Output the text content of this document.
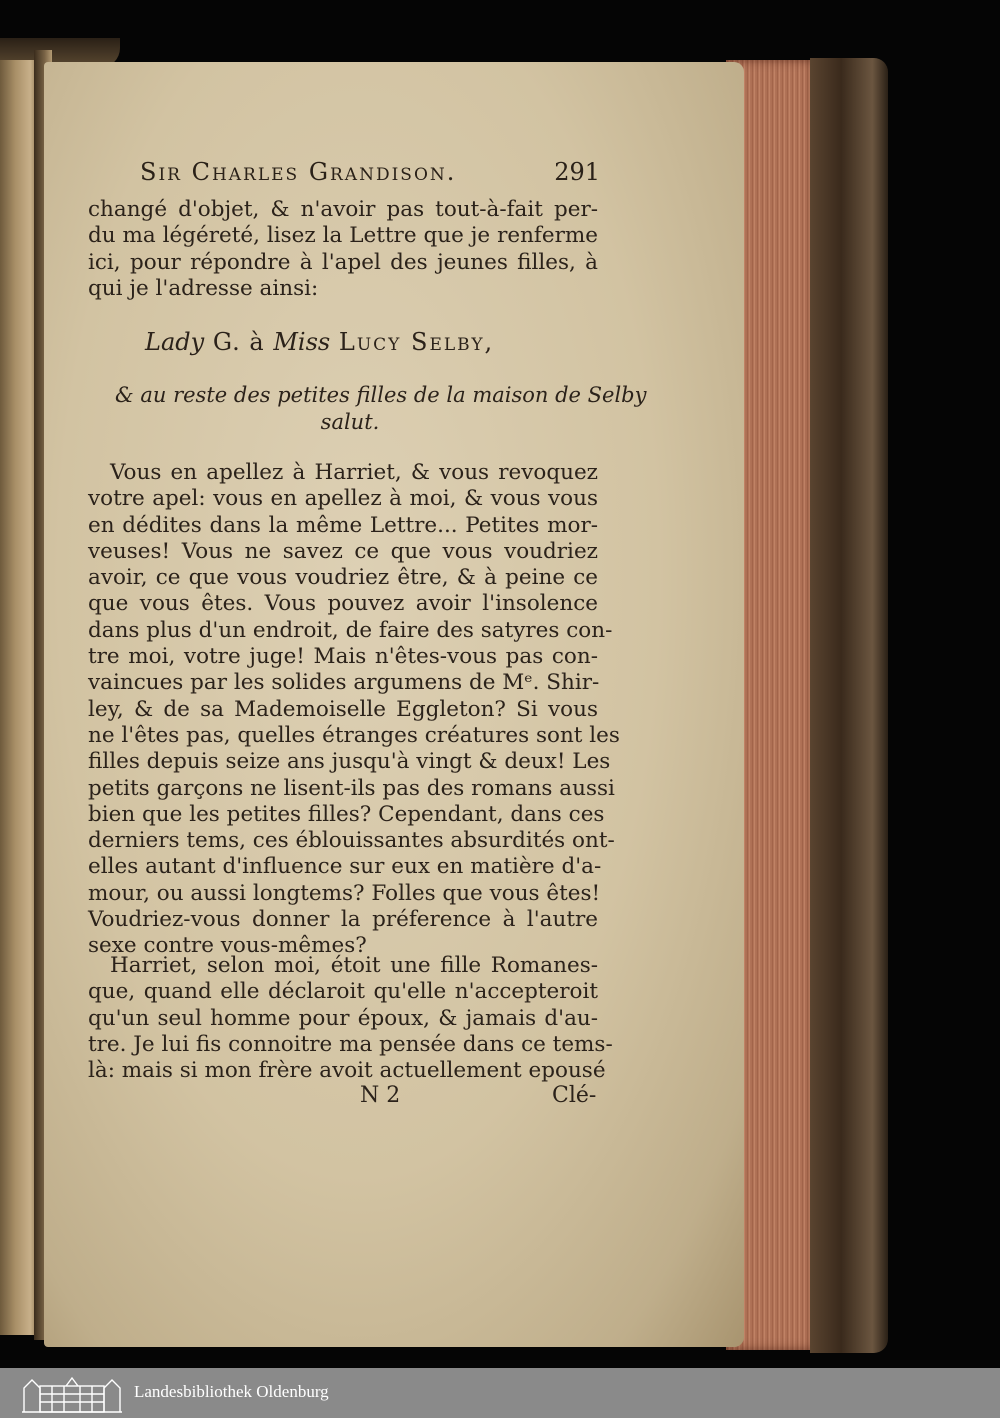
Sir Charles Grandison.	291
changé d'objet, & n'avoir pas tout-à-fait per-
du ma légéreté, lisez la Lettre que je renferme
ici, pour répondre à l'apel des jeunes filles, à
qui je l'adresse ainsi:
Lady G. à Miss Lucy Selby,
& au reste des petites filles de la maison de Selby
salut.
Vous en apellez à Harriet, & vous revoquez
votre apel: vous en apellez à moi, & vous vous
en dédites dans la même Lettre... Petites mor-
veuses! Vous ne savez ce que vous voudriez
avoir, ce que vous voudriez être, & à peine ce
que vous êtes. Vous pouvez avoir l'insolence
dans plus d'un endroit, de faire des satyres con-
tre moi, votre juge! Mais n'êtes-vous pas con-
vaincues par les solides argumens de Mᵉ. Shir-
ley, & de sa Mademoiselle Eggleton? Si vous
ne l'êtes pas, quelles étranges créatures sont les
filles depuis seize ans jusqu'à vingt & deux! Les
petits garçons ne lisent-ils pas des romans aussi
bien que les petites filles? Cependant, dans ces
derniers tems, ces éblouissantes absurdités ont-
elles autant d'influence sur eux en matière d'a-
mour, ou aussi longtems? Folles que vous êtes!
Voudriez-vous donner la préference à l'autre
sexe contre vous-mêmes?
Harriet, selon moi, étoit une fille Romanes-
que, quand elle déclaroit qu'elle n'accepteroit
qu'un seul homme pour époux, & jamais d'au-
tre. Je lui fis connoitre ma pensée dans ce tems-
là: mais si mon frère avoit actuellement epousé
N 2	Clé-
Landesbibliothek Oldenburg
